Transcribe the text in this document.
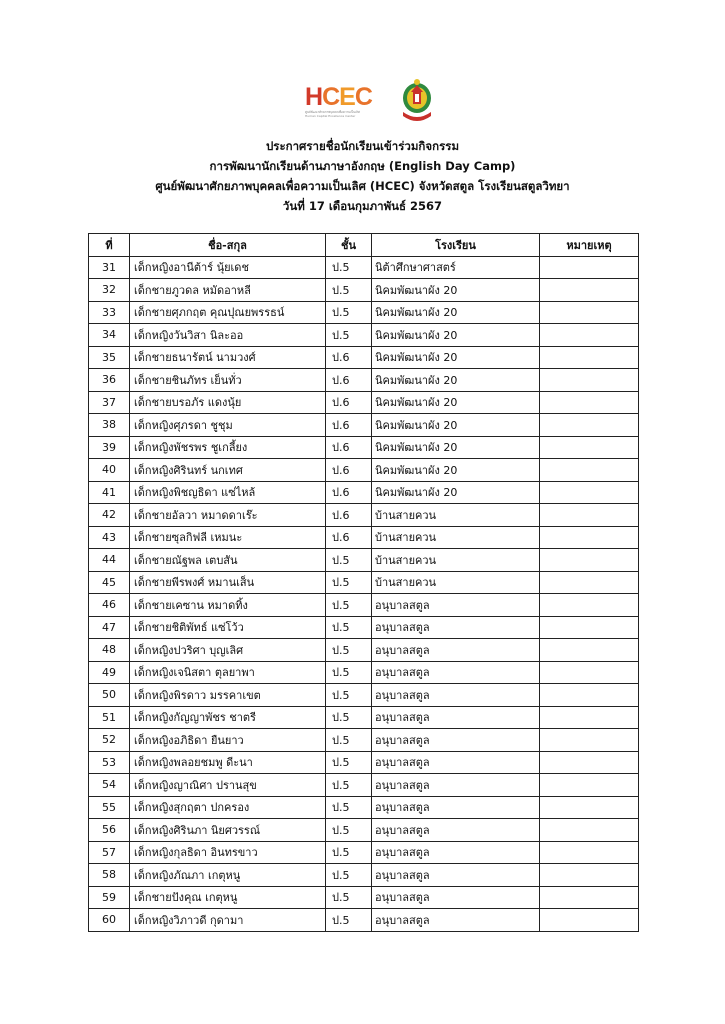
HCEC
ศูนย์พัฒนาศักยภาพบุคคลเพื่อความเป็นเลิศ
Human Capital Excellence Center
ประกาศรายชื่อนักเรียนเข้าร่วมกิจกรรม
การพัฒนานักเรียนด้านภาษาอังกฤษ (English Day Camp)
ศูนย์พัฒนาศักยภาพบุคคลเพื่อความเป็นเลิศ (HCEC) จังหวัดสตูล โรงเรียนสตูลวิทยา
วันที่ 17 เดือนกุมภาพันธ์ 2567
ที่	ชื่อ-สกุล	ชั้น	โรงเรียน	หมายเหตุ
31	เด็กหญิงอานีต้าร์ นุ้ยเดช	ป.5	นิต้าศึกษาศาสตร์	
32	เด็กชายภูวดล หมัดอาหลี	ป.5	นิคมพัฒนาผัง 20	
33	เด็กชายศุภกฤต คุณปุณยพรรธน์	ป.5	นิคมพัฒนาผัง 20	
34	เด็กหญิงวันวิสา นิละออ	ป.5	นิคมพัฒนาผัง 20	
35	เด็กชายธนารัตน์ นามวงศ์	ป.6	นิคมพัฒนาผัง 20	
36	เด็กชายชินภัทร เย็นทั่ว	ป.6	นิคมพัฒนาผัง 20	
37	เด็กชายบรอภัร แดงนุ้ย	ป.6	นิคมพัฒนาผัง 20	
38	เด็กหญิงศุภรดา ชูชุม	ป.6	นิคมพัฒนาผัง 20	
39	เด็กหญิงพัชรพร ชูเกลี้ยง	ป.6	นิคมพัฒนาผัง 20	
40	เด็กหญิงศิรินทร์ นกเทศ	ป.6	นิคมพัฒนาผัง 20	
41	เด็กหญิงพิชญธิดา แซ่ไหล้	ป.6	นิคมพัฒนาผัง 20	
42	เด็กชายอัลวา หมาดดาเร๊ะ	ป.6	บ้านสายควน	
43	เด็กชายซุลกิฟลี เหมนะ	ป.6	บ้านสายควน	
44	เด็กชายณัฐพล เตบสัน	ป.5	บ้านสายควน	
45	เด็กชายพีรพงศ์ หมานเส็น	ป.5	บ้านสายควน	
46	เด็กชายเคซาน หมาดทิ้ง	ป.5	อนุบาลสตูล	
47	เด็กชายชิติพัทธ์ แซ่โว้ว	ป.5	อนุบาลสตูล	
48	เด็กหญิงปวริศา บุญเลิศ	ป.5	อนุบาลสตูล	
49	เด็กหญิงเจนิสตา ตุลยาพา	ป.5	อนุบาลสตูล	
50	เด็กหญิงพิรดาว มรรคาเขต	ป.5	อนุบาลสตูล	
51	เด็กหญิงกัญญาพัชร ชาตรี	ป.5	อนุบาลสตูล	
52	เด็กหญิงอภิธิดา ยืนยาว	ป.5	อนุบาลสตูล	
53	เด็กหญิงพลอยชมพู ดีะนา	ป.5	อนุบาลสตูล	
54	เด็กหญิงญาณิศา ปรานสุข	ป.5	อนุบาลสตูล	
55	เด็กหญิงสุกฤตา ปกครอง	ป.5	อนุบาลสตูล	
56	เด็กหญิงศิรินภา นิยศวรรณ์	ป.5	อนุบาลสตูล	
57	เด็กหญิงกุลธิดา อินทรขาว	ป.5	อนุบาลสตูล	
58	เด็กหญิงภัณภา เกตุหนู	ป.5	อนุบาลสตูล	
59	เด็กชายปังคุณ เกตุหนู	ป.5	อนุบาลสตูล	
60	เด็กหญิงวิภาวดี กุดามา	ป.5	อนุบาลสตูล	
